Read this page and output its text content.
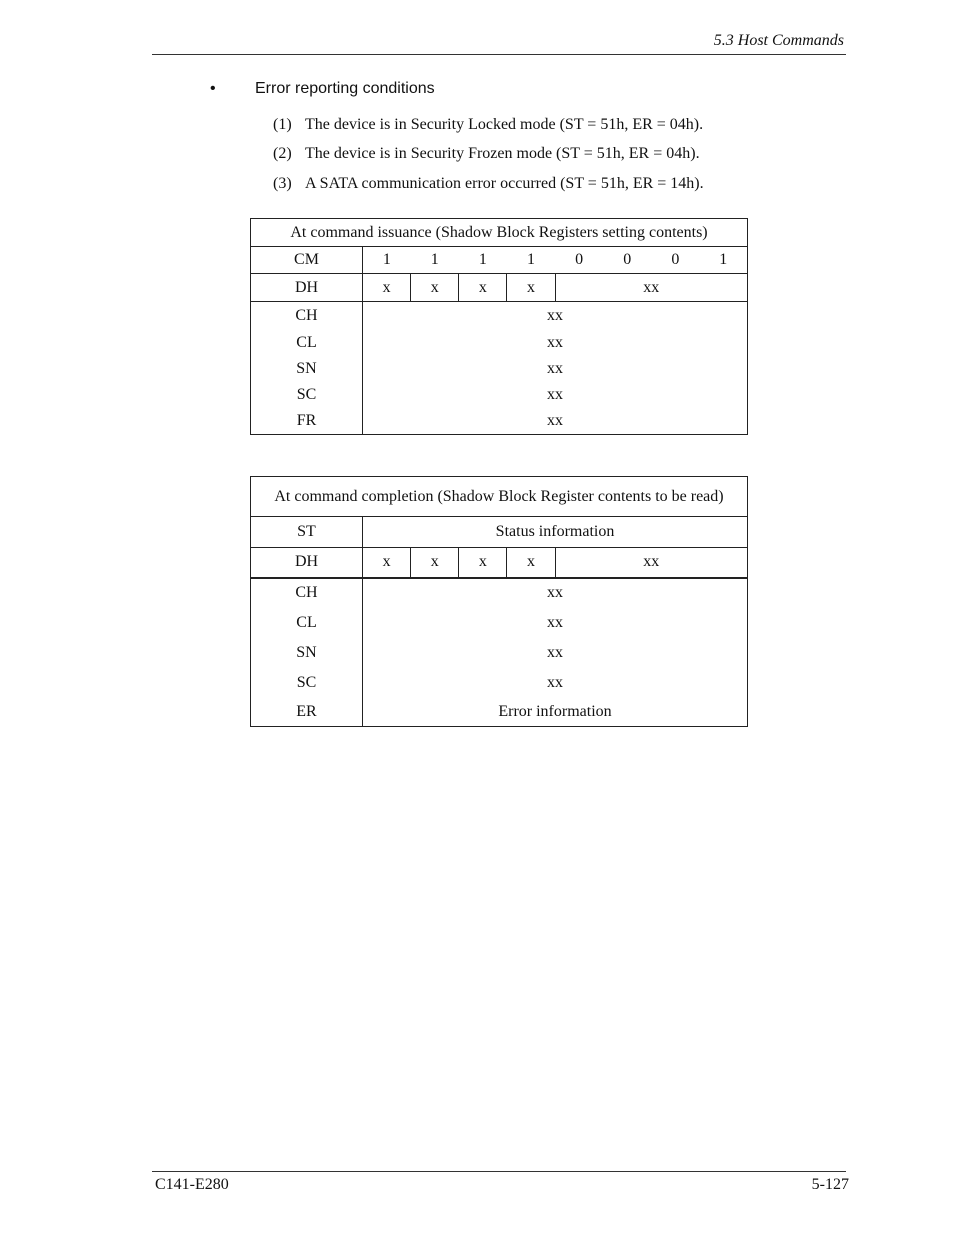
5.3 Host Commands
• Error reporting conditions
(1) The device is in Security Locked mode (ST = 51h, ER = 04h).
(2) The device is in Security Frozen mode (ST = 51h, ER = 04h).
(3) A SATA communication error occurred (ST = 51h, ER = 14h).
At command issuance (Shadow Block Registers setting contents)								
CM	1	1	1	1	0	0	0	1
DH	x	x	x	x	xx			
CH	xx							
CL	xx							
SN	xx							
SC	xx							
FR	xx							
At command completion (Shadow Block Register contents to be read)					
ST	Status information				
DH	x	x	x	x	xx
CH	xx				
CL	xx				
SN	xx				
SC	xx				
ER	Error information				
C141-E280	5-127
